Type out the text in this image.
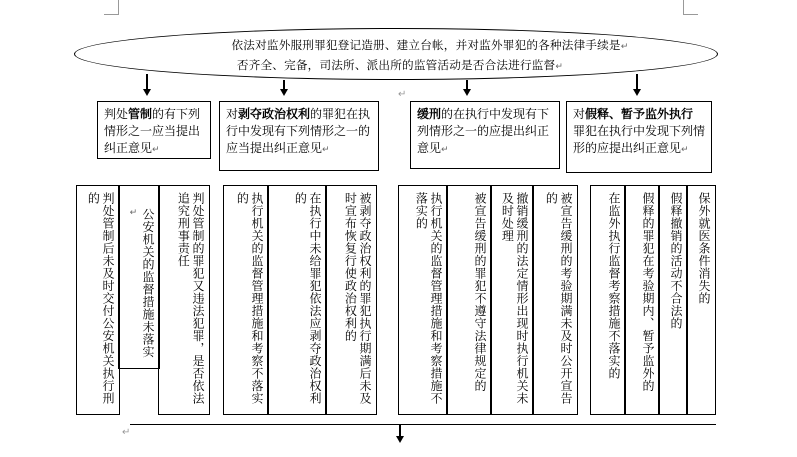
依法对监外服刑罪犯登记造册、建立台帐，并对监外罪犯的各种法律手续是↵
否齐全、完备，司法所、派出所的监管活动是否合法进行监督↵
↵
判处管制的有下列情形之一应当提出纠正意见↵
对剥夺政治权利的罪犯在执行中发现有下列情形之一的应当提出纠正意见↵
缓刑的在执行中发现有下列情形之一的应提出纠正意见↵
对假释、暂予监外执行罪犯在执行中发现下列情形的应提出纠正意见↵
判处管制后未及时交付公安机关执行刑的
公安机关的监督措施未落实↵	判处管制的罪犯又违法犯罪，是否依法追究刑事责任	执行机关的监督管理措施和考察不落实的	在执行中未给罪犯依法应剥夺政治权利的	被剥夺政治权利的罪犯执行期满后未及时宣布恢复行使政治权利的	执行机关的监督管理措施和考察措施不落实的	被宣告缓刑的罪犯不遵守法律规定的	撤销缓刑的法定情形出现时执行机关未及时处理	被宣告缓刑的考验期满未及时公开宣告的	在监外执行监督考察措施不落实的	假释的罪犯在考验期内、暂予监外的	假释撤销的活动不合法的	保外就医条件消失的
↵
